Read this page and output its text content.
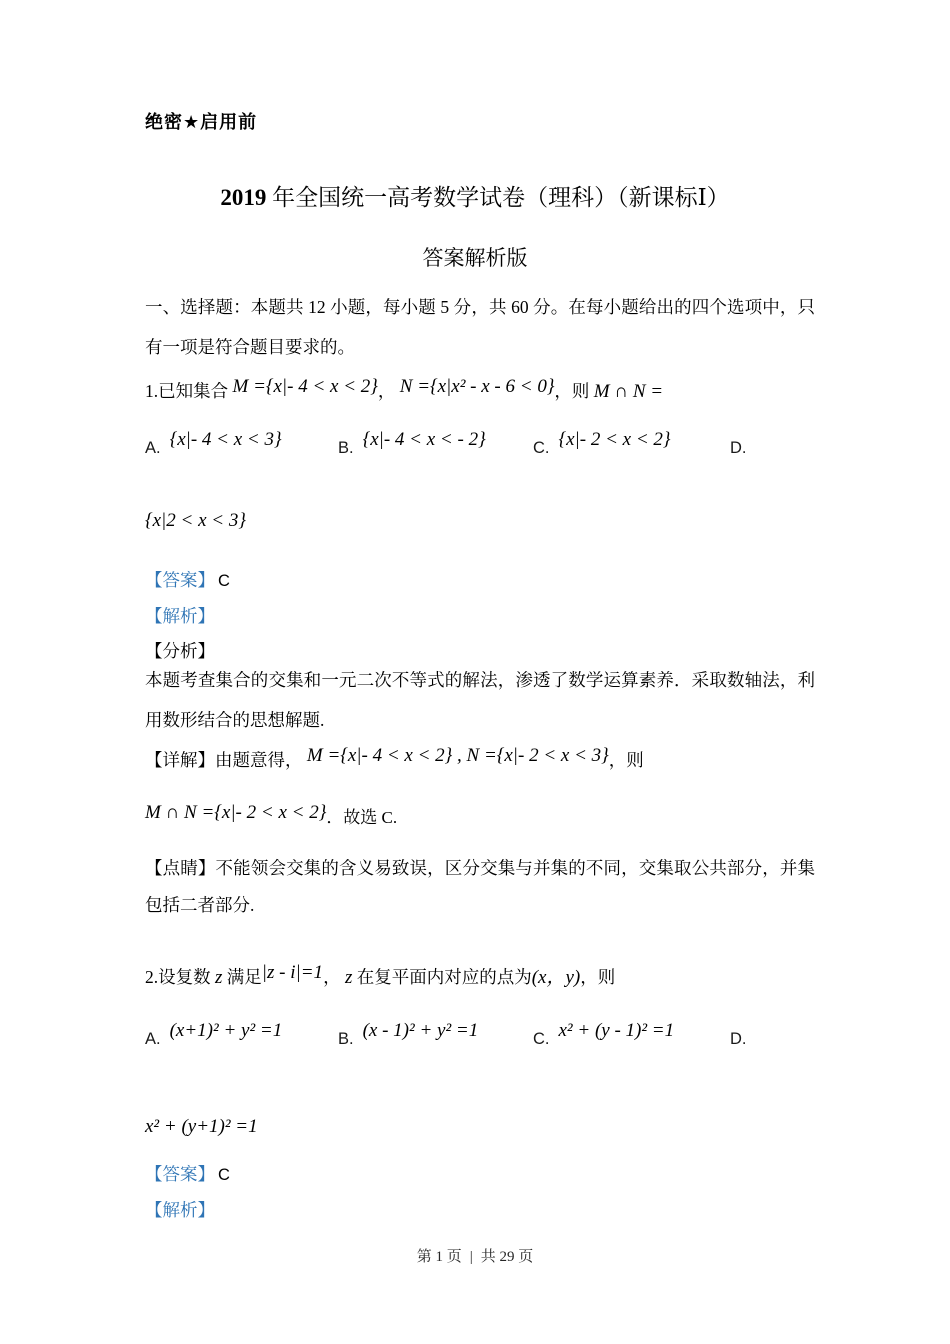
绝密★启用前
2019 年全国统一高考数学试卷（理科）（新课标Ⅰ）
答案解析版

一、选择题：本题共 12 小题，每小题 5 分，共 60 分。在每小题给出的四个选项中，只有一项是符合题目要求的。

1.已知集合 M ={x|- 4 < x < 2}， N ={x|x² - x - 6 < 0}，则 M ∩ N =

A. {x|- 4 < x < 3}	B. {x|- 4 < x < - 2}	C. {x|- 2 < x < 2}	D.

{x|2 < x < 3}

【答案】 C

【解析】

【分析】

本题考查集合的交集和一元二次不等式的解法，渗透了数学运算素养．采取数轴法，利用数形结合的思想解题.

【详解】由题意得， M ={x|- 4 < x < 2} , N ={x|- 2 < x < 3}，则

M ∩ N ={x|- 2 < x < 2}．故选 C.

【点睛】不能领会交集的含义易致误，区分交集与并集的不同，交集取公共部分，并集包括二者部分.

2.设复数 z 满足|z - i|=1， z 在复平面内对应的点为(x，y)，则

A. (x+1)² + y² =1	B. (x - 1)² + y² =1	C. x² + (y - 1)² =1	D.

x² + (y+1)² =1

【答案】 C

【解析】

第 1 页 | 共 29 页
